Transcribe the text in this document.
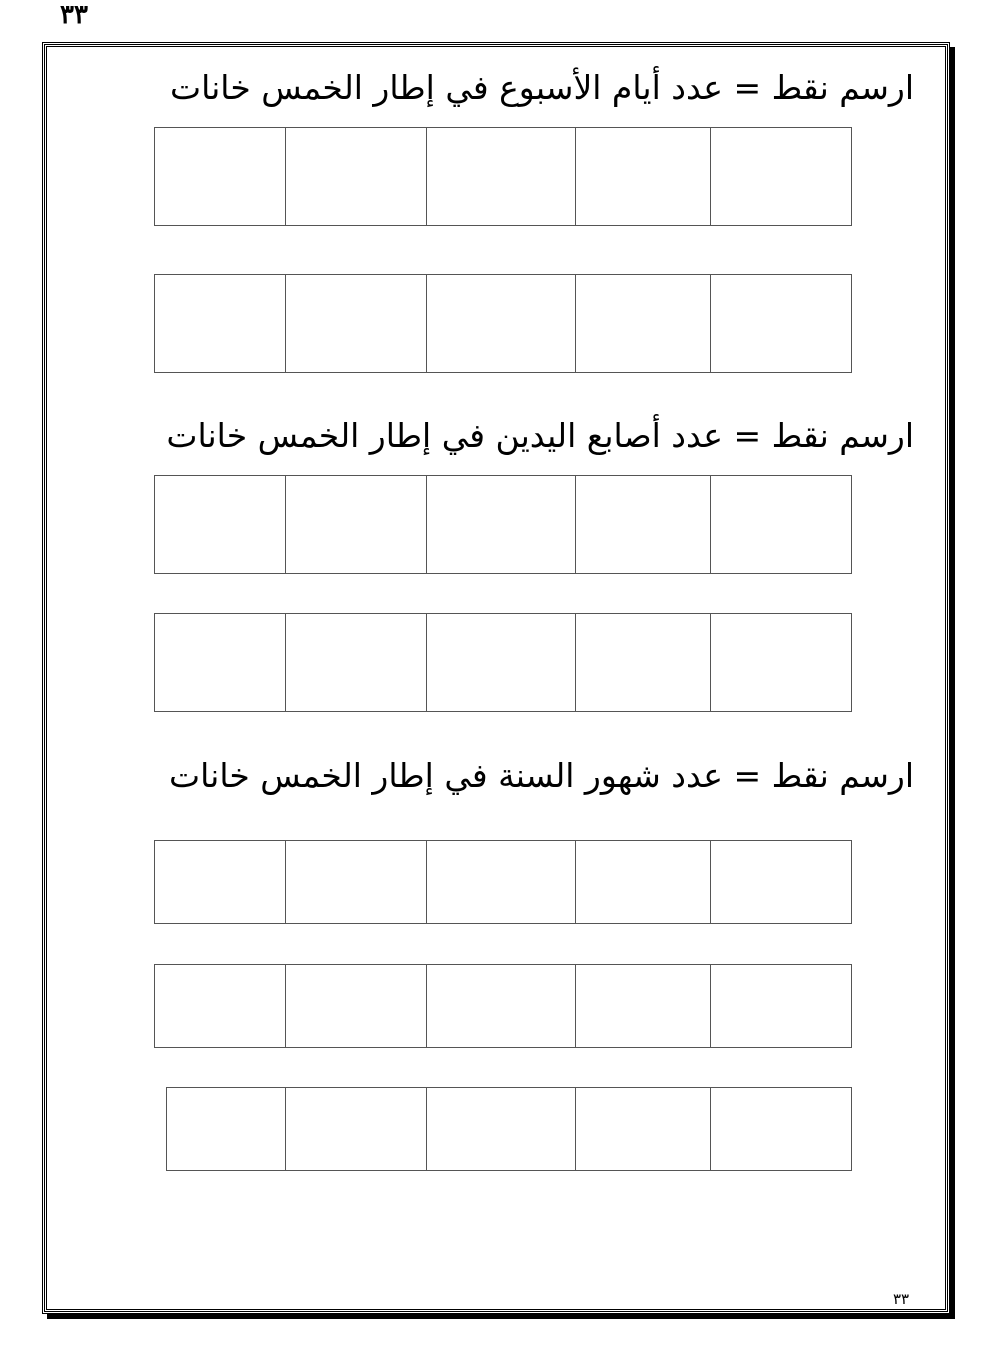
٣٣
ارسم نقط = عدد أيام الأسبوع في إطار الخمس خانات
ارسم نقط = عدد أصابع اليدين في إطار الخمس خانات
ارسم نقط = عدد شهور السنة في إطار الخمس خانات
٣٣
